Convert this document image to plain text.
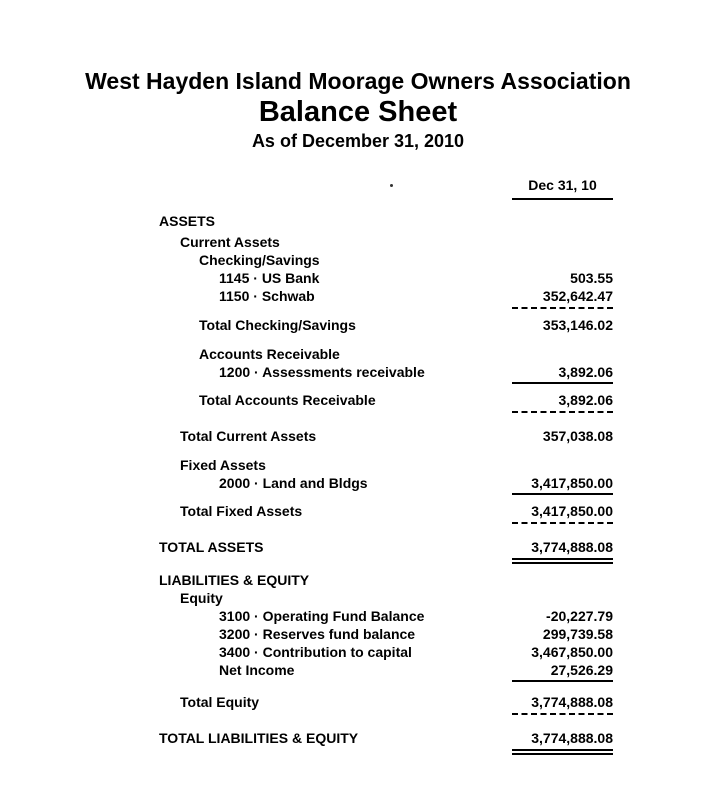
West Hayden Island Moorage Owners Association
Balance Sheet
As of December 31, 2010
Dec 31, 10
ASSETS
Current Assets
Checking/Savings
1145 · US Bank	503.55
1150 · Schwab	352,642.47
Total Checking/Savings	353,146.02
Accounts Receivable
1200 · Assessments receivable	3,892.06
Total Accounts Receivable	3,892.06
Total Current Assets	357,038.08
Fixed Assets
2000 · Land and Bldgs	3,417,850.00
Total Fixed Assets	3,417,850.00
TOTAL ASSETS	3,774,888.08
LIABILITIES & EQUITY
Equity
3100 · Operating Fund Balance	-20,227.79
3200 · Reserves fund balance	299,739.58
3400 · Contribution to capital	3,467,850.00
Net Income	27,526.29
Total Equity	3,774,888.08
TOTAL LIABILITIES & EQUITY	3,774,888.08
